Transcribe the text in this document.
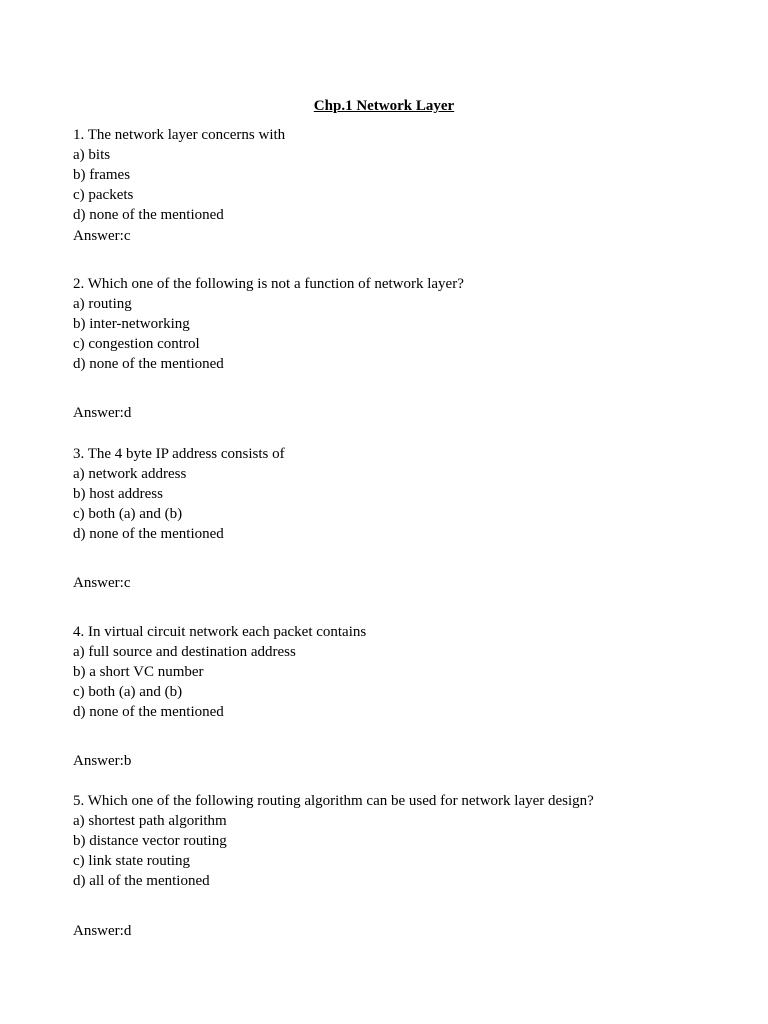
Chp.1 Network Layer
1. The network layer concerns with
a) bits
b) frames
c) packets
d) none of the mentioned
Answer:c
2. Which one of the following is not a function of network layer?
a) routing
b) inter-networking
c) congestion control
d) none of the mentioned
Answer:d
3. The 4 byte IP address consists of
a) network address
b) host address
c) both (a) and (b)
d) none of the mentioned
Answer:c
4. In virtual circuit network each packet contains
a) full source and destination address
b) a short VC number
c) both (a) and (b)
d) none of the mentioned
Answer:b
5. Which one of the following routing algorithm can be used for network layer design?
a) shortest path algorithm
b) distance vector routing
c) link state routing
d) all of the mentioned
Answer:d
